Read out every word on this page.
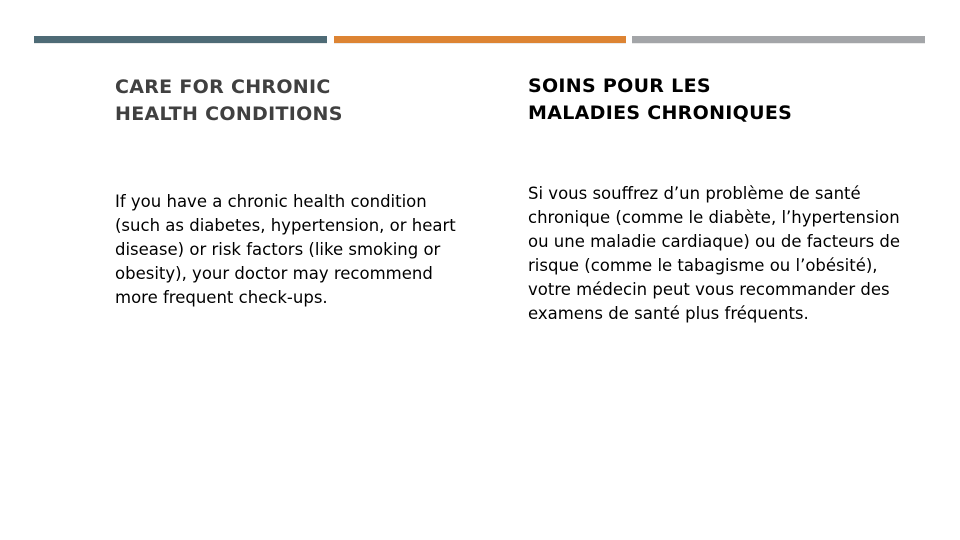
CARE FOR CHRONIC
HEALTH CONDITIONS
SOINS POUR LES
MALADIES CHRONIQUES

If you have a chronic health condition
(such as diabetes, hypertension, or heart
disease) or risk factors (like smoking or
obesity), your doctor may recommend
more frequent check-ups.

Si vous souffrez d’un problème de santé
chronique (comme le diabète, l’hypertension
ou une maladie cardiaque) ou de facteurs de
risque (comme le tabagisme ou l’obésité),
votre médecin peut vous recommander des
examens de santé plus fréquents.
